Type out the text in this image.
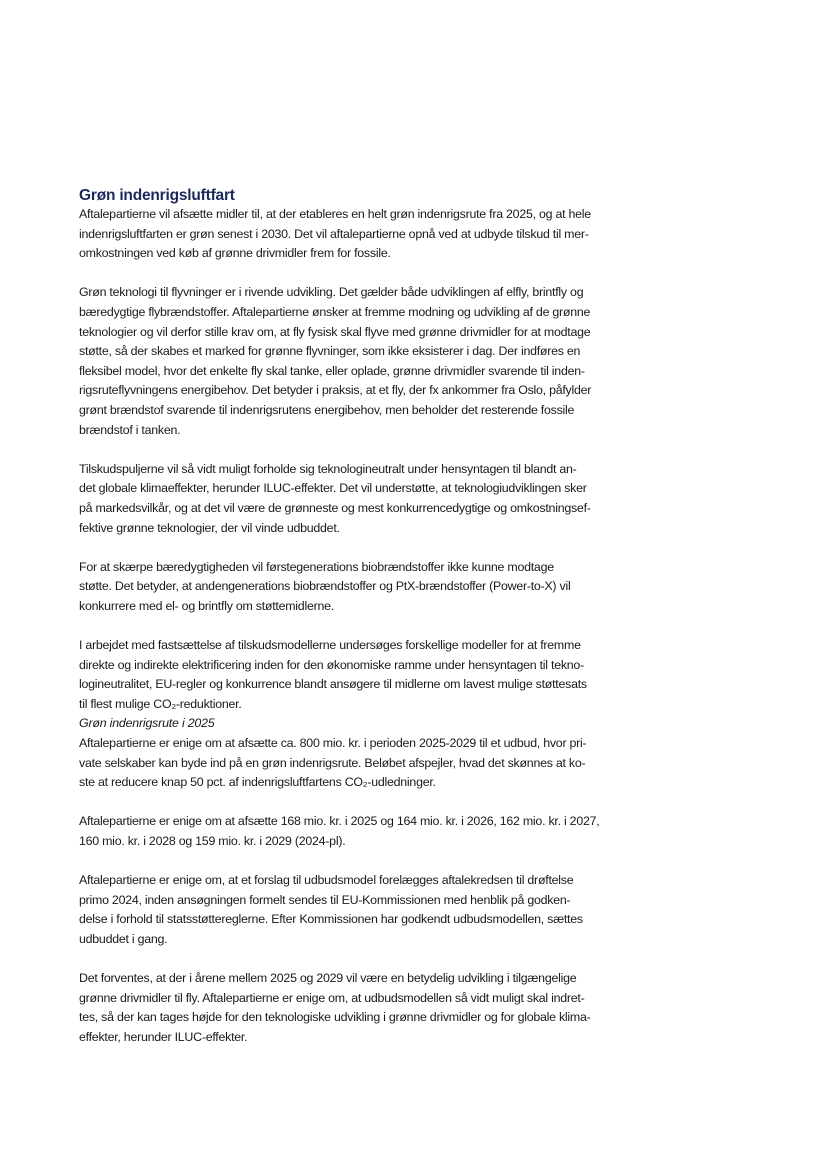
Grøn indenrigsluftfart

Aftalepartierne vil afsætte midler til, at der etableres en helt grøn indenrigsrute fra 2025, og at hele
indenrigsluftfarten er grøn senest i 2030. Det vil aftalepartierne opnå ved at udbyde tilskud til mer-
omkostningen ved køb af grønne drivmidler frem for fossile.

Grøn teknologi til flyvninger er i rivende udvikling. Det gælder både udviklingen af elfly, brintfly og
bæredygtige flybrændstoffer. Aftalepartierne ønsker at fremme modning og udvikling af de grønne
teknologier og vil derfor stille krav om, at fly fysisk skal flyve med grønne drivmidler for at modtage
støtte, så der skabes et marked for grønne flyvninger, som ikke eksisterer i dag. Der indføres en
fleksibel model, hvor det enkelte fly skal tanke, eller oplade, grønne drivmidler svarende til inden-
rigsruteflyvningens energibehov. Det betyder i praksis, at et fly, der fx ankommer fra Oslo, påfylder
grønt brændstof svarende til indenrigsrutens energibehov, men beholder det resterende fossile
brændstof i tanken.

Tilskudspuljerne vil så vidt muligt forholde sig teknologineutralt under hensyntagen til blandt an-
det globale klimaeffekter, herunder ILUC-effekter. Det vil understøtte, at teknologiudviklingen sker
på markedsvilkår, og at det vil være de grønneste og mest konkurrencedygtige og omkostningsef-
fektive grønne teknologier, der vil vinde udbuddet.

For at skærpe bæredygtigheden vil førstegenerations biobrændstoffer ikke kunne modtage
støtte. Det betyder, at andengenerations biobrændstoffer og PtX-brændstoffer (Power-to-X) vil
konkurrere med el- og brintfly om støttemidlerne.

I arbejdet med fastsættelse af tilskudsmodellerne undersøges forskellige modeller for at fremme
direkte og indirekte elektrificering inden for den økonomiske ramme under hensyntagen til tekno-
logineutralitet, EU-regler og konkurrence blandt ansøgere til midlerne om lavest mulige støttesats
til flest mulige CO₂-reduktioner.

Grøn indenrigsrute i 2025

Aftalepartierne er enige om at afsætte ca. 800 mio. kr. i perioden 2025-2029 til et udbud, hvor pri-
vate selskaber kan byde ind på en grøn indenrigsrute. Beløbet afspejler, hvad det skønnes at ko-
ste at reducere knap 50 pct. af indenrigsluftfartens CO₂-udledninger.

Aftalepartierne er enige om at afsætte 168 mio. kr. i 2025 og 164 mio. kr. i 2026, 162 mio. kr. i 2027,
160 mio. kr. i 2028 og 159 mio. kr. i 2029 (2024-pl).

Aftalepartierne er enige om, at et forslag til udbudsmodel forelægges aftalekredsen til drøftelse
primo 2024, inden ansøgningen formelt sendes til EU-Kommissionen med henblik på godken-
delse i forhold til statsstøttereglerne. Efter Kommissionen har godkendt udbudsmodellen, sættes
udbuddet i gang.

Det forventes, at der i årene mellem 2025 og 2029 vil være en betydelig udvikling i tilgængelige
grønne drivmidler til fly. Aftalepartierne er enige om, at udbudsmodellen så vidt muligt skal indret-
tes, så der kan tages højde for den teknologiske udvikling i grønne drivmidler og for globale klima-
effekter, herunder ILUC-effekter.
